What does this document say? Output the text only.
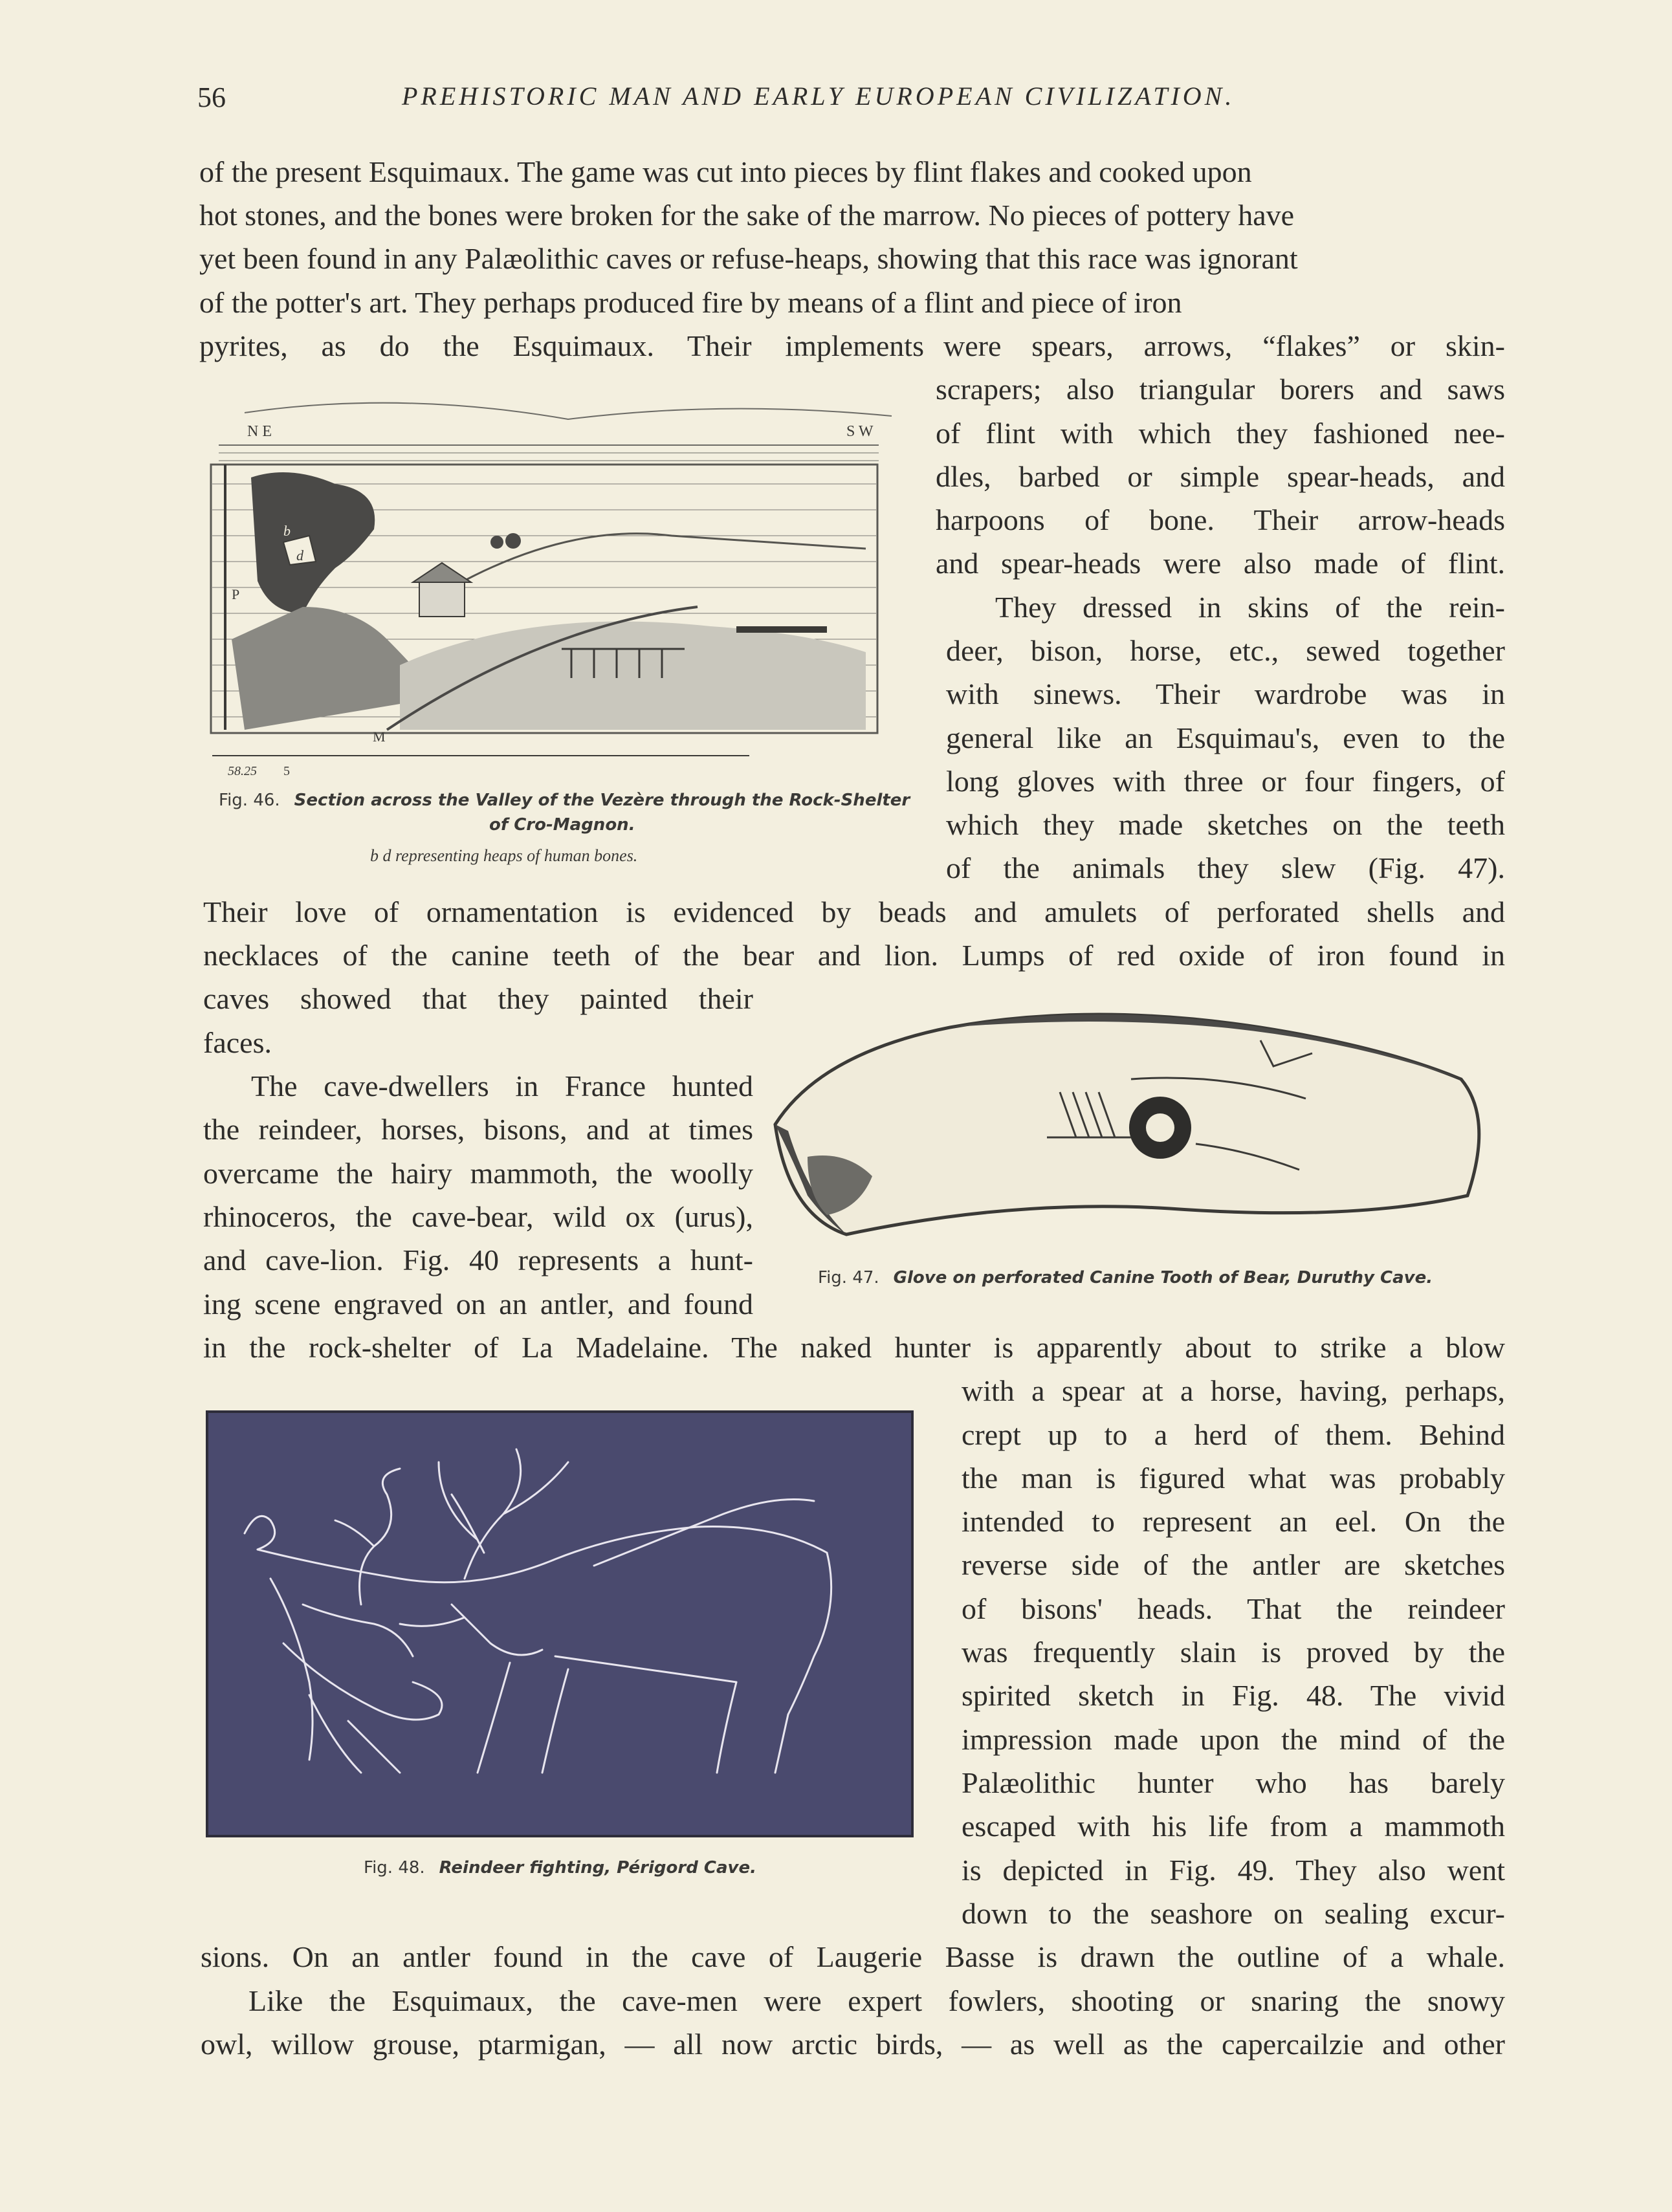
56	PREHISTORIC MAN AND EARLY EUROPEAN CIVILIZATION.
of the present Esquimaux. The game was cut into pieces by flint flakes and cooked upon
hot stones, and the bones were broken for the sake of the marrow. No pieces of pottery have
yet been found in any Palæolithic caves or refuse-heaps, showing that this race was ignorant
of the potter's art. They perhaps produced fire by means of a flint and piece of iron
pyrites, as do the Esquimaux. Their implements were spears, arrows, “flakes” or skin-
scrapers; also triangular borers and saws
of flint with which they fashioned nee-
dles, barbed or simple spear-heads, and
harpoons of bone. Their arrow-heads
and spear-heads were also made of flint.
They dressed in skins of the rein-
deer, bison, horse, etc., sewed together
with sinews. Their wardrobe was in
general like an Esquimau's, even to the
long gloves with three or four fingers, of
which they made sketches on the teeth
of the animals they slew (Fig. 47).
Their love of ornamentation is evidenced by beads and amulets of perforated shells and
necklaces of the canine teeth of the bear and lion. Lumps of red oxide of iron found in
caves showed that they painted their
faces.
The cave-dwellers in France hunted
the reindeer, horses, bisons, and at times
overcame the hairy mammoth, the woolly
rhinoceros, the cave-bear, wild ox (urus),
and cave-lion. Fig. 40 represents a hunt-
ing scene engraved on an antler, and found
in the rock-shelter of La Madelaine. The naked hunter is apparently about to strike a blow
with a spear at a horse, having, perhaps,
crept up to a herd of them. Behind
the man is figured what was probably
intended to represent an eel. On the
reverse side of the antler are sketches
of bisons' heads. That the reindeer
was frequently slain is proved by the
spirited sketch in Fig. 48. The vivid
impression made upon the mind of the
Palæolithic hunter who has barely
escaped with his life from a mammoth
is depicted in Fig. 49. They also went
down to the seashore on sealing excur-
sions. On an antler found in the cave of Laugerie Basse is drawn the outline of a whale.
Like the Esquimaux, the cave-men were expert fowlers, shooting or snaring the snowy
owl, willow grouse, ptarmigan, — all now arctic birds, — as well as the capercailzie and other
N E	S W
b
d
P
M
58.25 5
Fig. 46. Section across the Valley of the Vezère through the Rock-Shelter
of Cro-Magnon.
b d representing heaps of human bones.
Fig. 47. Glove on perforated Canine Tooth of Bear, Duruthy Cave.
Fig. 48. Reindeer fighting, Périgord Cave.
